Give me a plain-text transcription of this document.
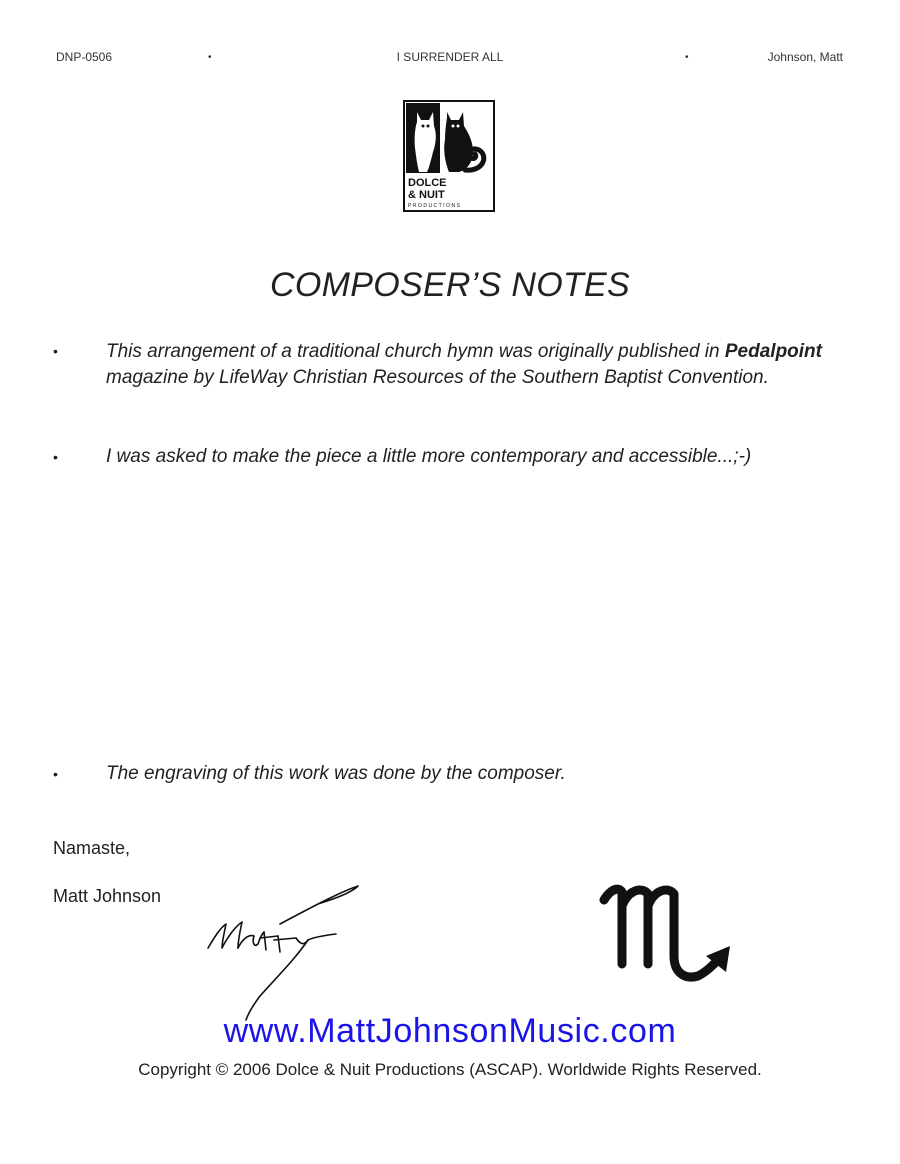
DNP-0506	•	I SURRENDER ALL	•	Johnson, Matt
DOLCE
& NUIT
PRODUCTIONS
COMPOSER’S NOTES
•	This arrangement of a traditional church hymn was originally published in Pedalpoint magazine by LifeWay Christian Resources of the Southern Baptist Convention.
•	I was asked to make the piece a little more contemporary and accessible...;-)
•	The engraving of this work was done by the composer.
Namaste,
Matt Johnson
www.MattJohnsonMusic.com
Copyright © 2006 Dolce & Nuit Productions (ASCAP). Worldwide Rights Reserved.
